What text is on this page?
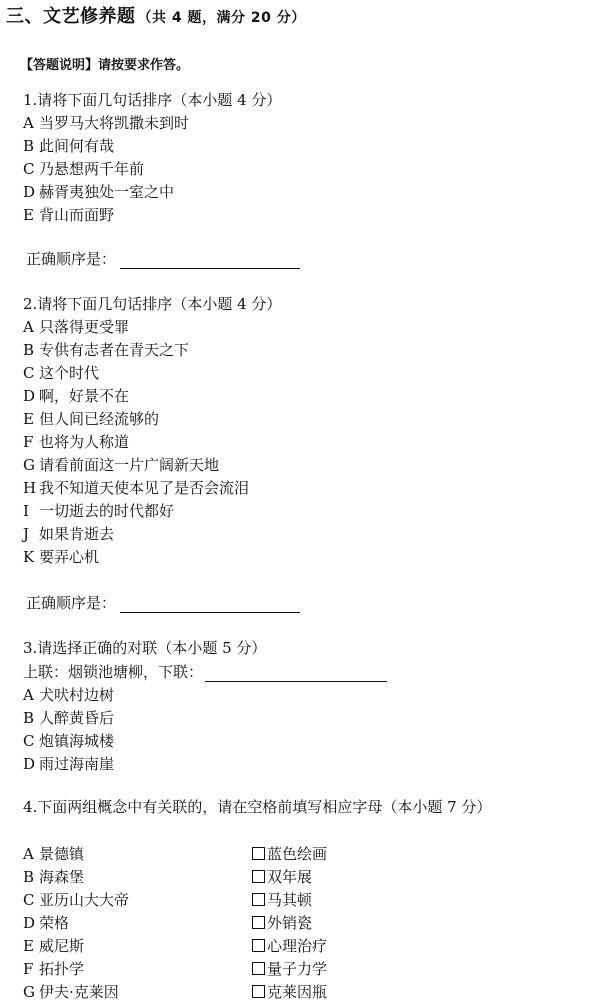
三、文艺修养题 （共 4 题，满分 20 分）
【答题说明】请按要求作答。
1.请将下面几句话排序（本小题 4 分）
A 当罗马大将凯撒未到时
B 此间何有哉
C 乃悬想两千年前
D 赫胥夷独处一室之中
E 背山而面野
正确顺序是：
2.请将下面几句话排序（本小题 4 分）
A 只落得更受罪
B 专供有志者在青天之下
C 这个时代
D 啊，好景不在
E 但人间已经流够的
F 也将为人称道
G 请看前面这一片广阔新天地
H 我不知道天使本见了是否会流泪
I 一切逝去的时代都好
J 如果肯逝去
K 要弄心机
正确顺序是：
3.请选择正确的对联（本小题 5 分）
上联：烟锁池塘柳，下联：
A 犬吠村边树
B 人醉黄昏后
C 炮镇海城楼
D 雨过海南崖
4.下面两组概念中有关联的，请在空格前填写相应字母（本小题 7 分）
A 景德镇
B 海森堡
C 亚历山大大帝
D 荣格
E 威尼斯
F 拓扑学
G 伊夫·克莱因
蓝色绘画
双年展
马其顿
外销瓷
心理治疗
量子力学
克莱因瓶
